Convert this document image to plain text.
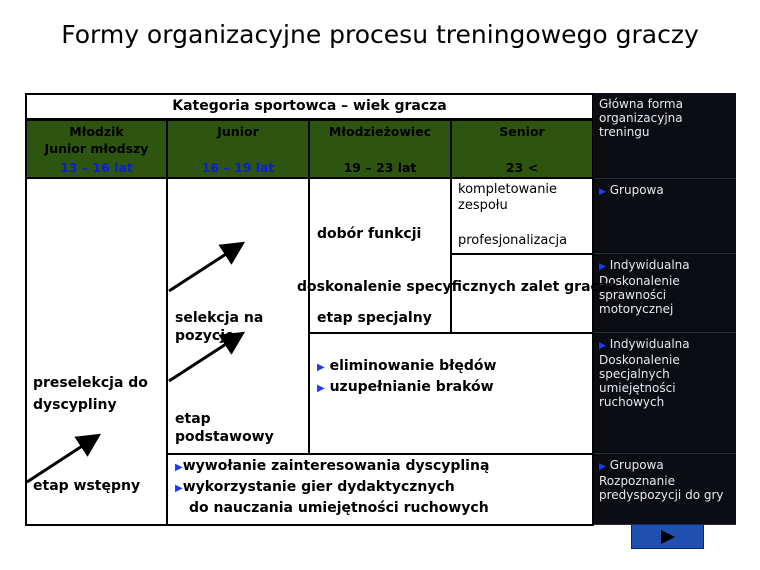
Formy organizacyjne procesu treningowego graczy
Kategoria sportowca – wiek gracza
Młodzik
Junior młodszy
13 – 16 lat
Junior
16 – 19 lat
Młodzieżowiec
19 – 23 lat
Senior
23 <
Główna forma organizacyjna treningu
▶ Grupowa
▶ Indywidualna
Doskonalenie sprawności motorycznej
▶ Indywidualna
Doskonalenie specjalnych umiejętności ruchowych
▶ Grupowa
Rozpoznanie predyspozycji do gry
kompletowanie zespołu
profesjonalizacja
dobór funkcji
doskonalenie specyficznych zalet gracza
etap specjalny
selekcja na pozycje
etap podstawowy
preselekcja do dyscypliny
etap wstępny
▶ eliminowanie błędów
▶ uzupełnianie braków
▶wywołanie zainteresowania dyscypliną
▶wykorzystanie gier dydaktycznych
do nauczania umiejętności ruchowych
